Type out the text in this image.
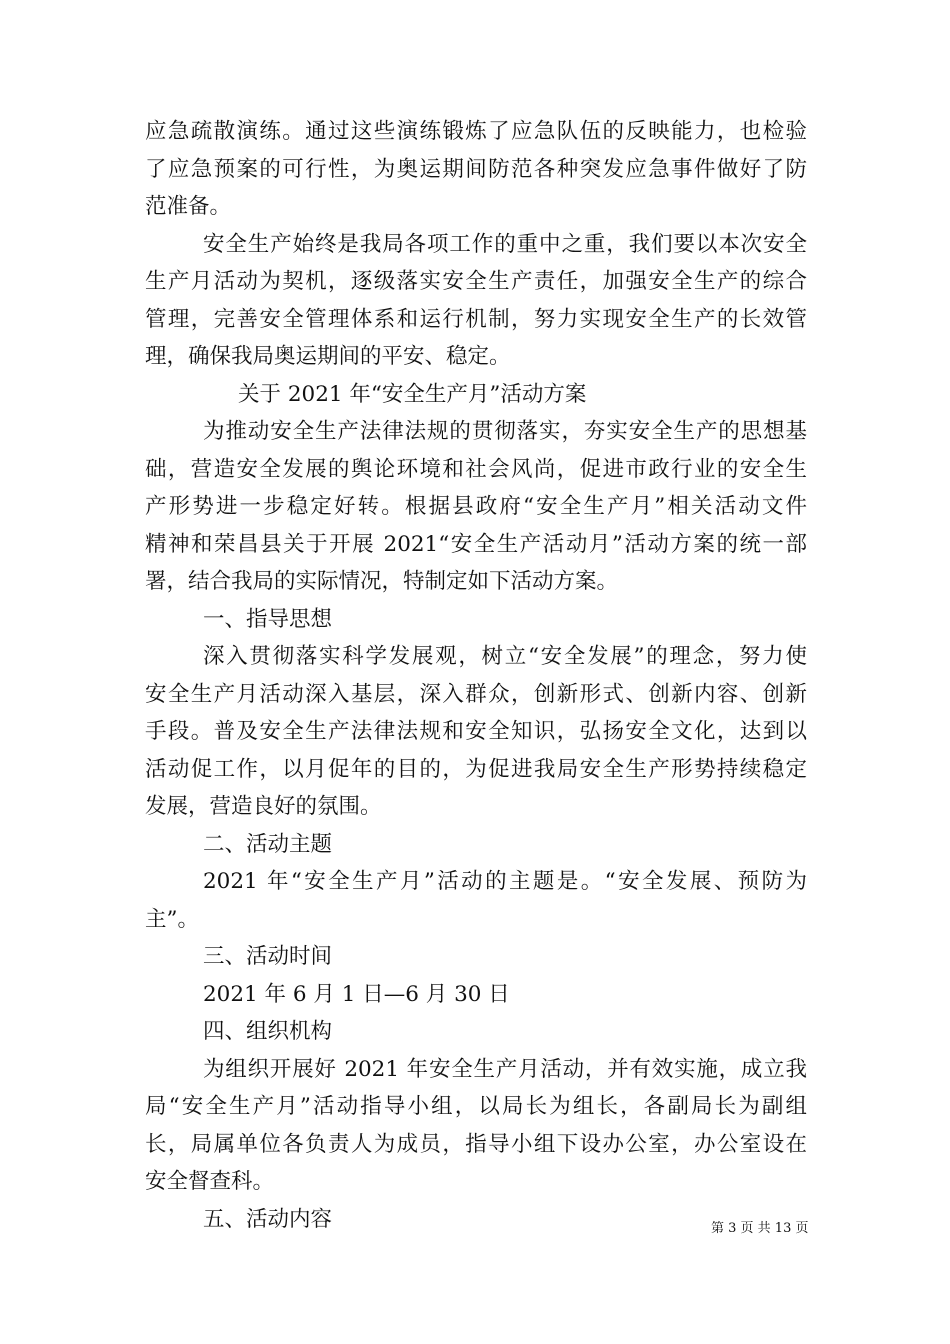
应急疏散演练。通过这些演练锻炼了应急队伍的反映能力，也检验
了应急预案的可行性，为奥运期间防范各种突发应急事件做好了防
范准备。
安全生产始终是我局各项工作的重中之重，我们要以本次安全
生产月活动为契机，逐级落实安全生产责任，加强安全生产的综合
管理，完善安全管理体系和运行机制，努力实现安全生产的长效管
理，确保我局奥运期间的平安、稳定。
关于 2021 年“安全生产月”活动方案
为推动安全生产法律法规的贯彻落实，夯实安全生产的思想基
础，营造安全发展的舆论环境和社会风尚，促进市政行业的安全生
产形势进一步稳定好转。根据县政府“安全生产月”相关活动文件
精神和荣昌县关于开展 2021“安全生产活动月”活动方案的统一部
署，结合我局的实际情况，特制定如下活动方案。
一、指导思想
深入贯彻落实科学发展观，树立“安全发展”的理念，努力使
安全生产月活动深入基层，深入群众，创新形式、创新内容、创新
手段。普及安全生产法律法规和安全知识，弘扬安全文化，达到以
活动促工作，以月促年的目的，为促进我局安全生产形势持续稳定
发展，营造良好的氛围。
二、活动主题
2021 年“安全生产月”活动的主题是。“安全发展、预防为
主”。
三、活动时间
2021 年 6 月 1 日—6 月 30 日
四、组织机构
为组织开展好 2021 年安全生产月活动，并有效实施，成立我
局“安全生产月”活动指导小组，以局长为组长，各副局长为副组
长，局属单位各负责人为成员，指导小组下设办公室，办公室设在
安全督查科。
五、活动内容	第 3 页 共 13 页
